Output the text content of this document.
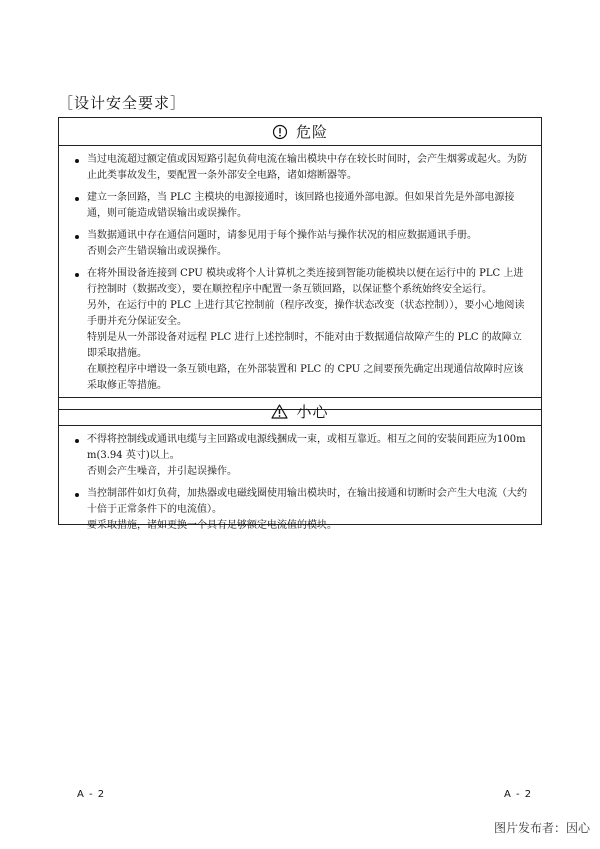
［设计安全要求］
危险

当过电流超过额定值或因短路引起负荷电流在输出模块中存在较长时间时，会产生烟雾或起火。为防止此类事故发生，要配置一条外部安全电路，诸如熔断器等。

建立一条回路，当 PLC 主模块的电源接通时，该回路也接通外部电源。但如果首先是外部电源接通，则可能造成错误输出或误操作。

当数据通讯中存在通信问题时，请参见用于每个操作站与操作状况的相应数据通讯手册。
否则会产生错误输出或误操作。

在将外围设备连接到 CPU 模块或将个人计算机之类连接到智能功能模块以便在运行中的 PLC 上进行控制时（数据改变），要在顺控程序中配置一条互锁回路，以保证整个系统始终安全运行。
另外，在运行中的 PLC 上进行其它控制前（程序改变，操作状态改变（状态控制）），要小心地阅读手册并充分保证安全。
特别是从一外部设备对远程 PLC 进行上述控制时，不能对由于数据通信故障产生的 PLC 的故障立即采取措施。
在顺控程序中增设一条互锁电路，在外部装置和 PLC 的 CPU 之间要预先确定出现通信故障时应该采取修正等措施。

小心

不得将控制线或通讯电缆与主回路或电源线捆成一束，或相互靠近。相互之间的安装间距应为100mm(3.94 英寸)以上。
否则会产生噪音，并引起误操作。

当控制部件如灯负荷，加热器或电磁线圈使用输出模块时，在输出接通和切断时会产生大电流（大约十倍于正常条件下的电流值）。
要采取措施，诸如更换一个具有足够额定电流值的模块。

A - 2	A - 2
图片发布者：因心
